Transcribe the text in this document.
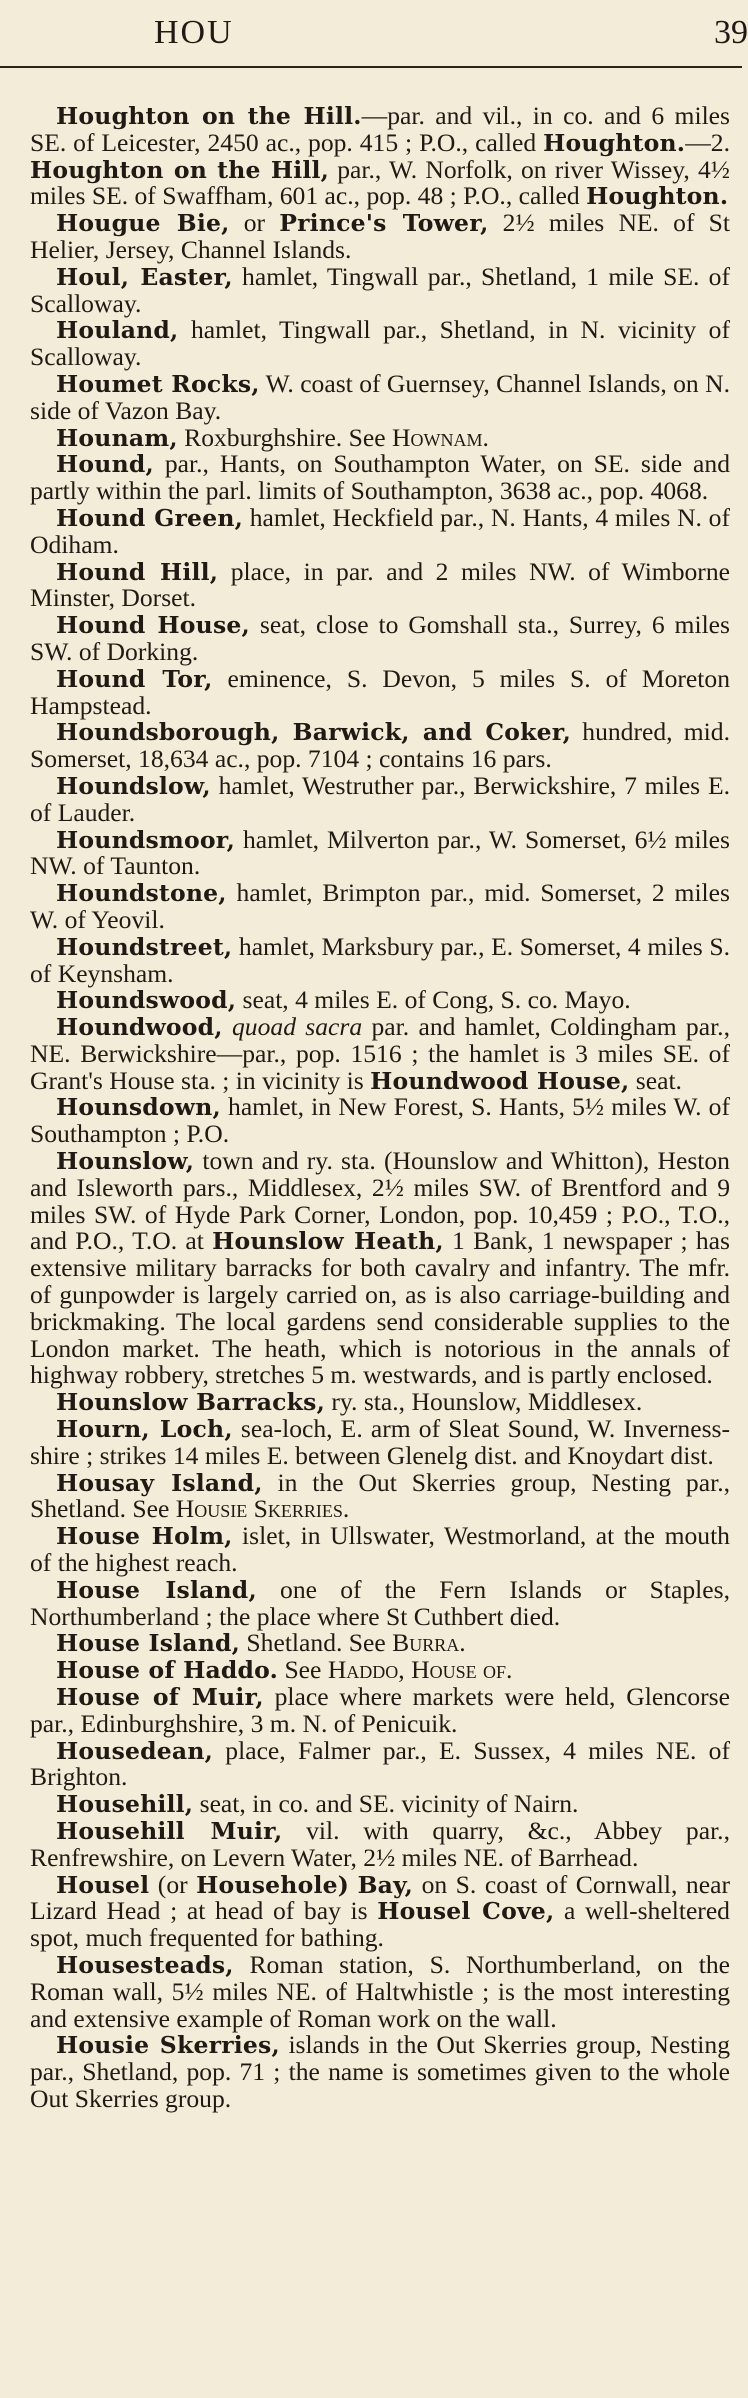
HOU	39

Houghton on the Hill.—par. and vil., in co. and 6 miles SE. of Leicester, 2450 ac., pop. 415 ; P.O., called Houghton.—2. Houghton on the Hill, par., W. Norfolk, on river Wissey, 4½ miles SE. of Swaffham, 601 ac., pop. 48 ; P.O., called Houghton.

Hougue Bie, or Prince's Tower, 2½ miles NE. of St Helier, Jersey, Channel Islands.

Houl, Easter, hamlet, Tingwall par., Shetland, 1 mile SE. of Scalloway.

Houland, hamlet, Tingwall par., Shetland, in N. vicinity of Scalloway.

Houmet Rocks, W. coast of Guernsey, Channel Islands, on N. side of Vazon Bay.

Hounam, Roxburghshire. See Hownam.

Hound, par., Hants, on Southampton Water, on SE. side and partly within the parl. limits of Southampton, 3638 ac., pop. 4068.

Hound Green, hamlet, Heckfield par., N. Hants, 4 miles N. of Odiham.

Hound Hill, place, in par. and 2 miles NW. of Wimborne Minster, Dorset.

Hound House, seat, close to Gomshall sta., Surrey, 6 miles SW. of Dorking.

Hound Tor, eminence, S. Devon, 5 miles S. of Moreton Hampstead.

Houndsborough, Barwick, and Coker, hundred, mid. Somerset, 18,634 ac., pop. 7104 ; contains 16 pars.

Houndslow, hamlet, Westruther par., Berwickshire, 7 miles E. of Lauder.

Houndsmoor, hamlet, Milverton par., W. Somerset, 6½ miles NW. of Taunton.

Houndstone, hamlet, Brimpton par., mid. Somerset, 2 miles W. of Yeovil.

Houndstreet, hamlet, Marksbury par., E. Somerset, 4 miles S. of Keynsham.

Houndswood, seat, 4 miles E. of Cong, S. co. Mayo.

Houndwood, quoad sacra par. and hamlet, Coldingham par., NE. Berwickshire—par., pop. 1516 ; the hamlet is 3 miles SE. of Grant's House sta. ; in vicinity is Houndwood House, seat.

Hounsdown, hamlet, in New Forest, S. Hants, 5½ miles W. of Southampton ; P.O.

Hounslow, town and ry. sta. (Hounslow and Whitton), Heston and Isleworth pars., Middlesex, 2½ miles SW. of Brentford and 9 miles SW. of Hyde Park Corner, London, pop. 10,459 ; P.O., T.O., and P.O., T.O. at Hounslow Heath, 1 Bank, 1 newspaper ; has extensive military barracks for both cavalry and infantry. The mfr. of gunpowder is largely carried on, as is also carriage-building and brickmaking. The local gardens send considerable supplies to the London market. The heath, which is notorious in the annals of highway robbery, stretches 5 m. westwards, and is partly enclosed.

Hounslow Barracks, ry. sta., Hounslow, Middlesex.

Hourn, Loch, sea-loch, E. arm of Sleat Sound, W. Inverness-shire ; strikes 14 miles E. between Glenelg dist. and Knoydart dist.

Housay Island, in the Out Skerries group, Nesting par., Shetland. See Housie Skerries.

House Holm, islet, in Ullswater, Westmorland, at the mouth of the highest reach.

House Island, one of the Fern Islands or Staples, Northumberland ; the place where St Cuthbert died.

House Island, Shetland. See Burra.

House of Haddo. See Haddo, House of.

House of Muir, place where markets were held, Glencorse par., Edinburghshire, 3 m. N. of Penicuik.

Housedean, place, Falmer par., E. Sussex, 4 miles NE. of Brighton.

Househill, seat, in co. and SE. vicinity of Nairn.

Househill Muir, vil. with quarry, &c., Abbey par., Renfrewshire, on Levern Water, 2½ miles NE. of Barrhead.

Housel (or Househole) Bay, on S. coast of Cornwall, near Lizard Head ; at head of bay is Housel Cove, a well-sheltered spot, much frequented for bathing.

Housesteads, Roman station, S. Northumberland, on the Roman wall, 5½ miles NE. of Haltwhistle ; is the most interesting and extensive example of Roman work on the wall.

Housie Skerries, islands in the Out Skerries group, Nesting par., Shetland, pop. 71 ; the name is sometimes given to the whole Out Skerries group.
